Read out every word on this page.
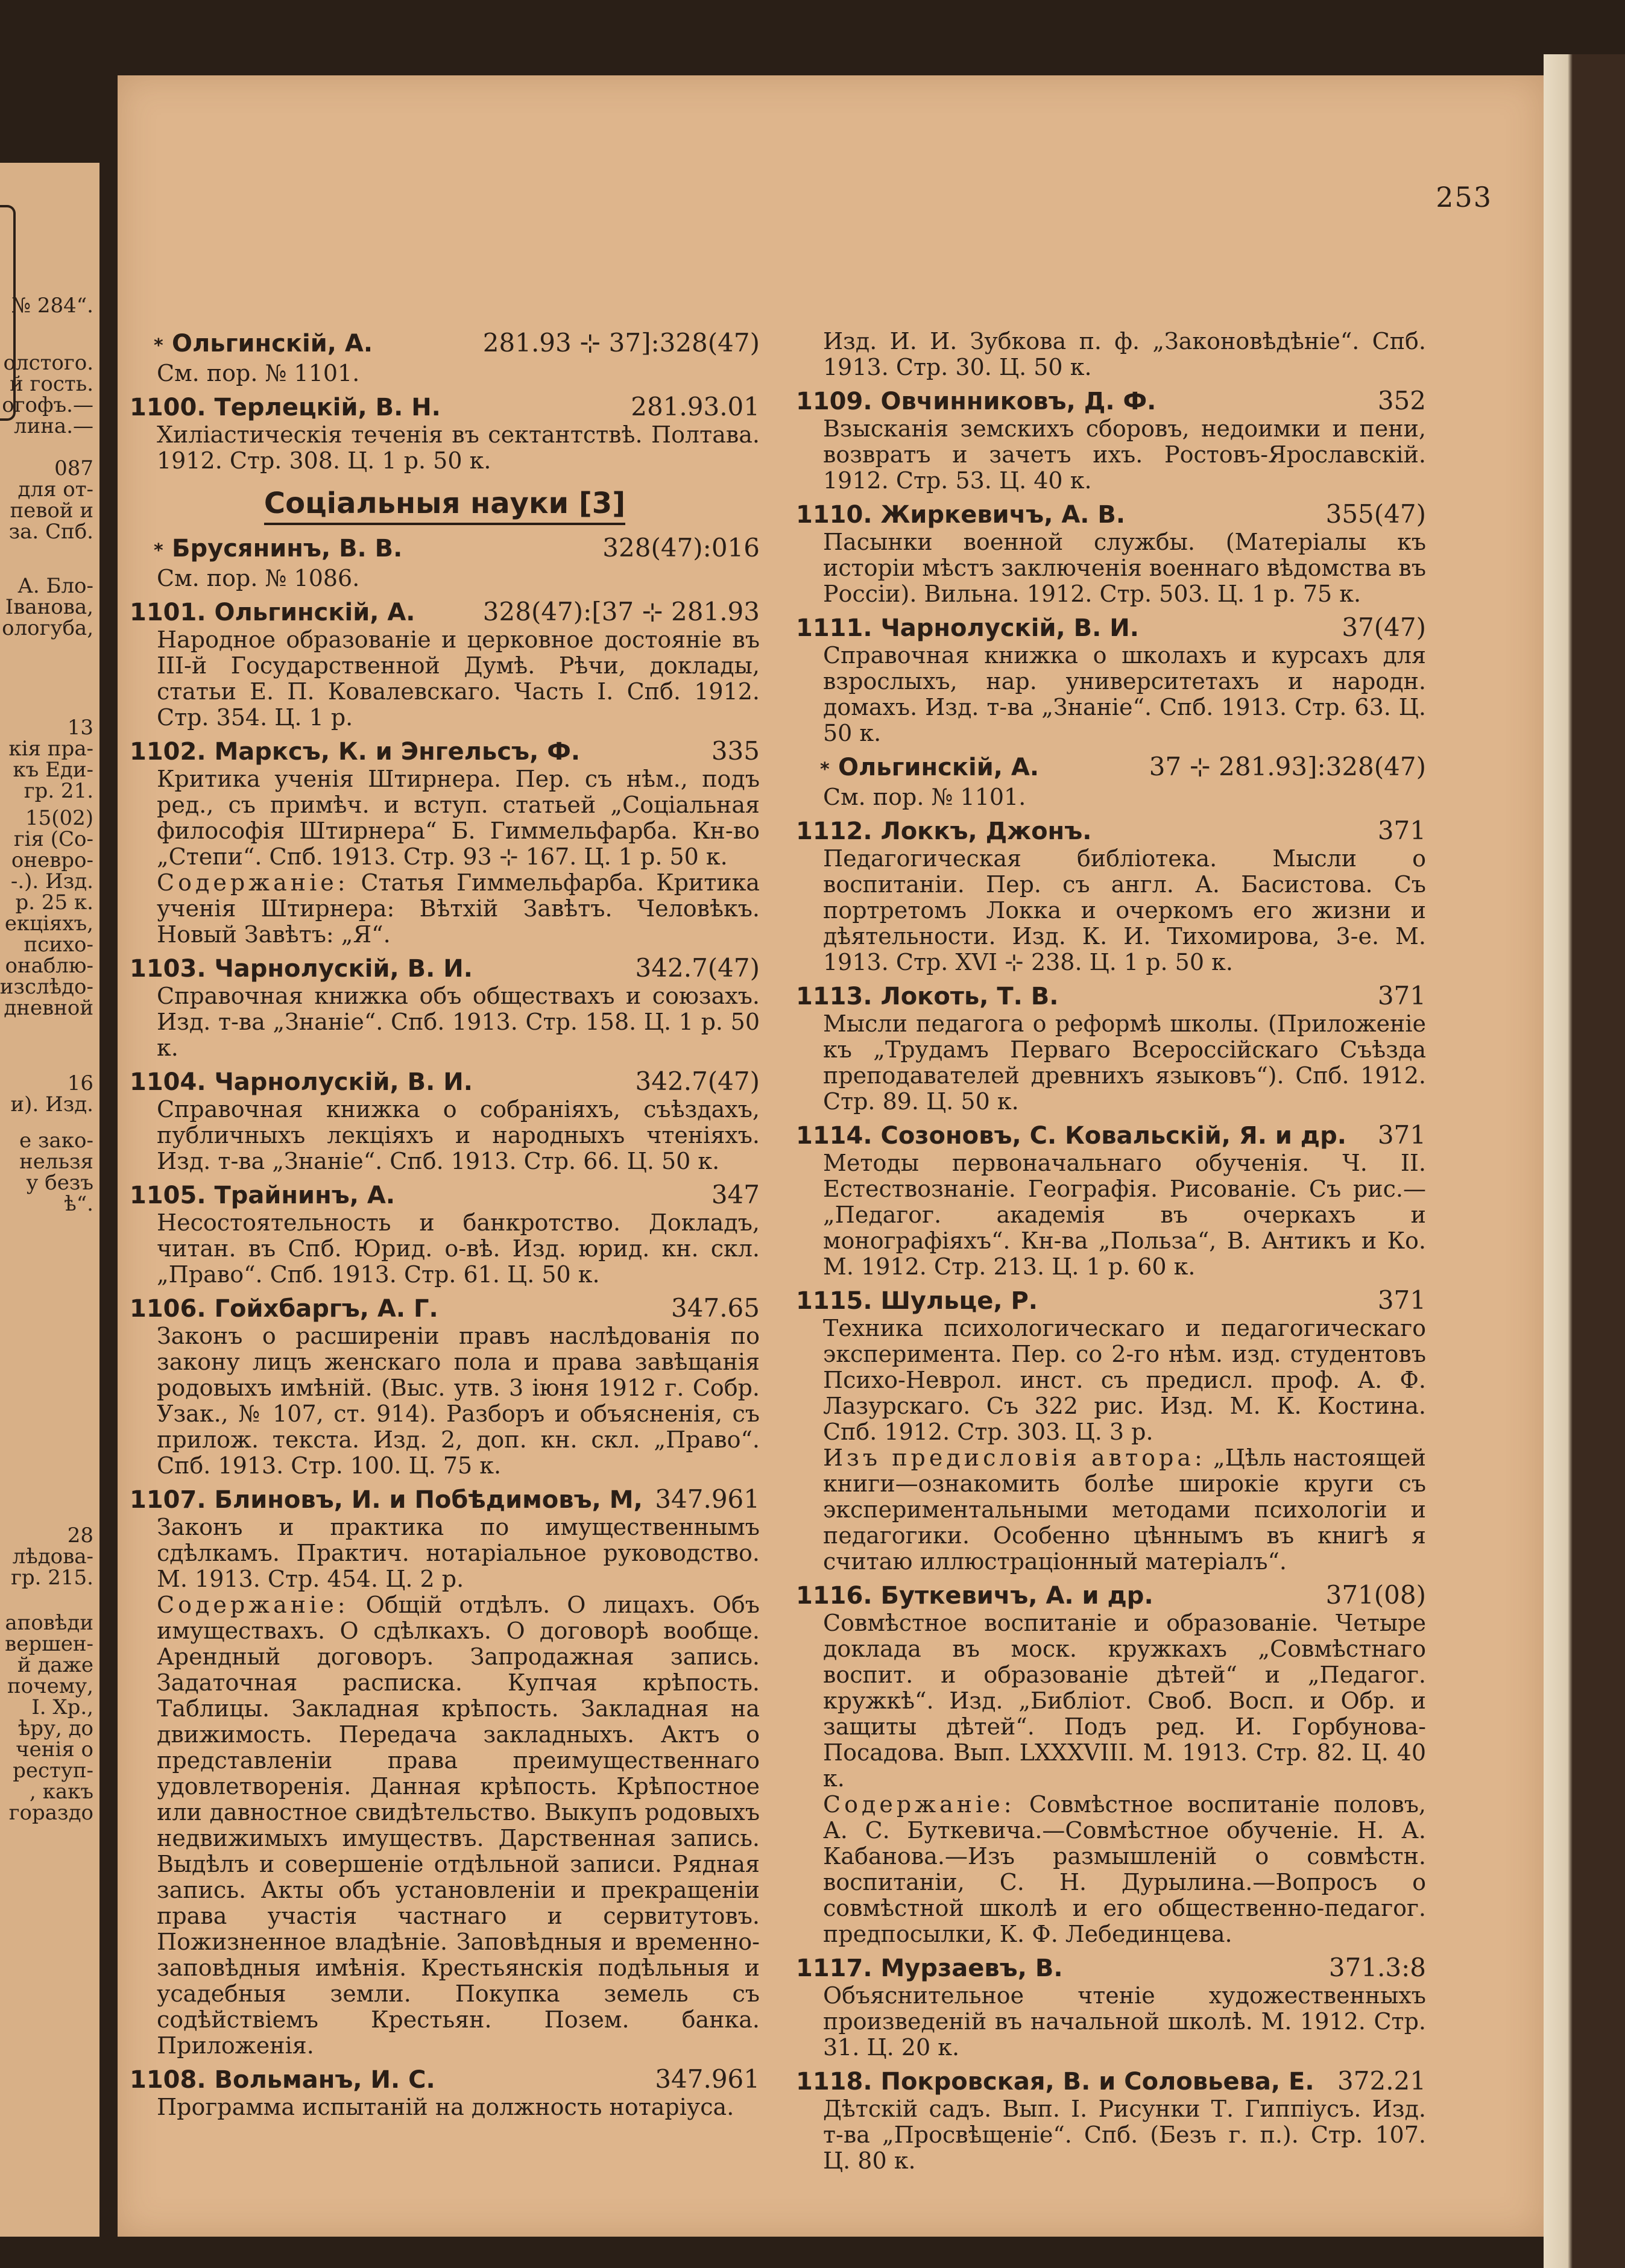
№ 284“.
олстого.
й гость.
огофъ.—
лина.—
087
для от-
певой и
за. Спб.
А. Бло-
Іванова,
ологуба,
13
кія пра-
къ Еди-
гр. 21.
15(02)
гія (Со-
оневро-
-.). Изд.
р. 25 к.
екціяхъ,
психо-
онаблю-
изслѣдо-
дневной
16
и). Изд.
е зако-
нельзя
у безъ
ѣ“.
28
лѣдова-
гр. 215.
аповѣди
вершен-
й даже
почему,
І. Хр.,
ѣру, до
ченія о
реступ-
, какъ
горaздо
253
* Ольгинскій, А.	281.93 ⊹ 37]:328(47)
См. пор. № 1101.
1100. Терлецкій, В. Н.	281.93.01
Хиліастическія теченія въ сектантствѣ. Полтава. 1912. Стр. 308. Ц. 1 р. 50 к.
Соціальныя науки [3]
* Брусянинъ, В. В.	328(47):016
См. пор. № 1086.
1101. Ольгинскій, А.	328(47):[37 ⊹ 281.93
Народное образованіе и церковное достояніе въ ІІІ-й Государственной Думѣ. Рѣчи, доклады, статьи Е. П. Ковалевскаго. Часть І. Спб. 1912. Стр. 354. Ц. 1 р.
1102. Марксъ, К. и Энгельсъ, Ф.	335
Критика ученія Штирнера. Пер. съ нѣм., подъ ред., съ примѣч. и вступ. статьей „Соціальная философія Штирнера“ Б. Гиммельфарба. Кн-во „Степи“. Спб. 1913. Стр. 93 ⊹ 167. Ц. 1 р. 50 к.
Содержаніе: Статья Гиммельфарба. Критика ученія Штирнера: Вѣтхій Завѣтъ. Человѣкъ. Новый Завѣтъ: „Я“.
1103. Чарнолускій, В. И.	342.7(47)
Справочная книжка объ обществахъ и союзахъ. Изд. т-ва „Знаніе“. Спб. 1913. Стр. 158. Ц. 1 р. 50 к.
1104. Чарнолускій, В. И.	342.7(47)
Справочная книжка о собраніяхъ, съѣздахъ, публичныхъ лекціяхъ и народныхъ чтеніяхъ. Изд. т-ва „Знаніе“. Спб. 1913. Стр. 66. Ц. 50 к.
1105. Трайнинъ, А.	347
Несостоятельность и банкротство. Докладъ, читан. въ Спб. Юрид. о-вѣ. Изд. юрид. кн. скл. „Право“. Спб. 1913. Стр. 61. Ц. 50 к.
1106. Гойхбаргъ, А. Г.	347.65
Законъ о расширеніи правъ наслѣдованія по закону лицъ женскаго пола и права завѣщанія родовыхъ имѣній. (Выс. утв. 3 іюня 1912 г. Собр. Узак., № 107, ст. 914). Разборъ и объясненія, съ прилож. текста. Изд. 2, доп. кн. скл. „Право“. Спб. 1913. Стр. 100. Ц. 75 к.
1107. Блиновъ, И. и Побѣдимовъ, М, 347.961
Законъ и практика по имущественнымъ сдѣлкамъ. Практич. нотаріальное руководство. М. 1913. Стр. 454. Ц. 2 р.
Содержаніе: Общій отдѣлъ. О лицахъ. Объ имуществахъ. О сдѣлкахъ. О договорѣ вообще. Арендный договоръ. Запродажная запись. Задаточная расписка. Купчая крѣпость. Таблицы. Закладная крѣпость. Закладная на движимость. Передача закладныхъ. Актъ о представленіи права преимущественнаго удовлетворенія. Данная крѣпость. Крѣпостное или давностное свидѣтельство. Выкупъ родовыхъ недвижимыхъ имуществъ. Дарственная запись. Выдѣлъ и совершеніе отдѣльной записи. Рядная запись. Акты объ установленіи и прекращеніи права участія частнаго и сервитутовъ. Пожизненное владѣніе. Заповѣдныя и временно-заповѣдныя имѣнія. Крестьянскія подѣльныя и усадебныя земли. Покупка земель съ содѣйствіемъ Крестьян. Позем. банка. Приложенія.
1108. Вольманъ, И. С.	347.961
Программа испытаній на должность нотаріуса.
Изд. И. И. Зубкова п. ф. „Законовѣдѣніе“. Спб. 1913. Стр. 30. Ц. 50 к.
1109. Овчинниковъ, Д. Ф.	352
Взысканія земскихъ сборовъ, недоимки и пени, возвратъ и зачетъ ихъ. Ростовъ-Ярославскій. 1912. Стр. 53. Ц. 40 к.
1110. Жиркевичъ, А. В.	355(47)
Пасынки военной службы. (Матеріалы къ исторіи мѣстъ заключенія военнаго вѣдомства въ Россіи). Вильна. 1912. Стр. 503. Ц. 1 р. 75 к.
1111. Чарнолускій, В. И.	37(47)
Справочная книжка о школахъ и курсахъ для взрослыхъ, нар. университетахъ и народн. домахъ. Изд. т-ва „Знаніе“. Спб. 1913. Стр. 63. Ц. 50 к.
* Ольгинскій, А.	37 ⊹ 281.93]:328(47)
См. пор. № 1101.
1112. Локкъ, Джонъ.	371
Педагогическая библіотека. Мысли о воспитаніи. Пер. съ англ. А. Басистова. Съ портретомъ Локка и очеркомъ его жизни и дѣятельности. Изд. К. И. Тихомирова, 3-е. М. 1913. Стр. XVI ⊹ 238. Ц. 1 р. 50 к.
1113. Локоть, Т. В.	371
Мысли педагога о реформѣ школы. (Приложеніе къ „Трудамъ Перваго Всероссійскаго Съѣзда преподавателей древнихъ языковъ“). Спб. 1912. Стр. 89. Ц. 50 к.
1114. Созоновъ, С. Ковальскій, Я. и др. 371
Методы первоначальнаго обученія. Ч. ІІ. Естествознаніе. Географія. Рисованіе. Съ рис.— „Педагог. академія въ очеркахъ и монографіяхъ“. Кн-ва „Польза“, В. Антикъ и Ко. М. 1912. Стр. 213. Ц. 1 р. 60 к.
1115. Шульце, Р.	371
Техника психологическаго и педагогическаго эксперимента. Пер. со 2-го нѣм. изд. студентовъ Психо-Неврол. инст. съ предисл. проф. А. Ф. Лазурскаго. Съ 322 рис. Изд. М. К. Костина. Спб. 1912. Стр. 303. Ц. 3 р.
Изъ предисловія автора: „Цѣль настоящей книги—ознакомить болѣе широкіе круги съ экспериментальными методами психологіи и педагогики. Особенно цѣннымъ въ книгѣ я считаю иллюстраціонный матеріалъ“.
1116. Буткевичъ, А. и др.	371(08)
Совмѣстное воспитаніе и образованіе. Четыре доклада въ моск. кружкахъ „Совмѣстнаго воспит. и образованіе дѣтей“ и „Педагог. кружкѣ“. Изд. „Библіот. Своб. Восп. и Обр. и защиты дѣтей“. Подъ ред. И. Горбунова-Посадова. Вып. LXXXVIII. М. 1913. Стр. 82. Ц. 40 к.
Содержаніе: Совмѣстное воспитаніе половъ, А. С. Буткевича.—Совмѣстное обученіе. Н. А. Кабанова.—Изъ размышленій о совмѣстн. воспитаніи, С. Н. Дурылина.—Вопросъ о совмѣстной школѣ и его общественно-педагог. предпосылки, К. Ф. Лебединцева.
1117. Мурзаевъ, В.	371.3:8
Объяснительное чтеніе художественныхъ произведеній въ начальной школѣ. М. 1912. Стр. 31. Ц. 20 к.
1118. Покровская, В. и Соловьева, Е. 372.21
Дѣтскій садъ. Вып. І. Рисунки Т. Гиппіусъ. Изд. т-ва „Просвѣщеніе“. Спб. (Безъ г. п.). Стр. 107. Ц. 80 к.
